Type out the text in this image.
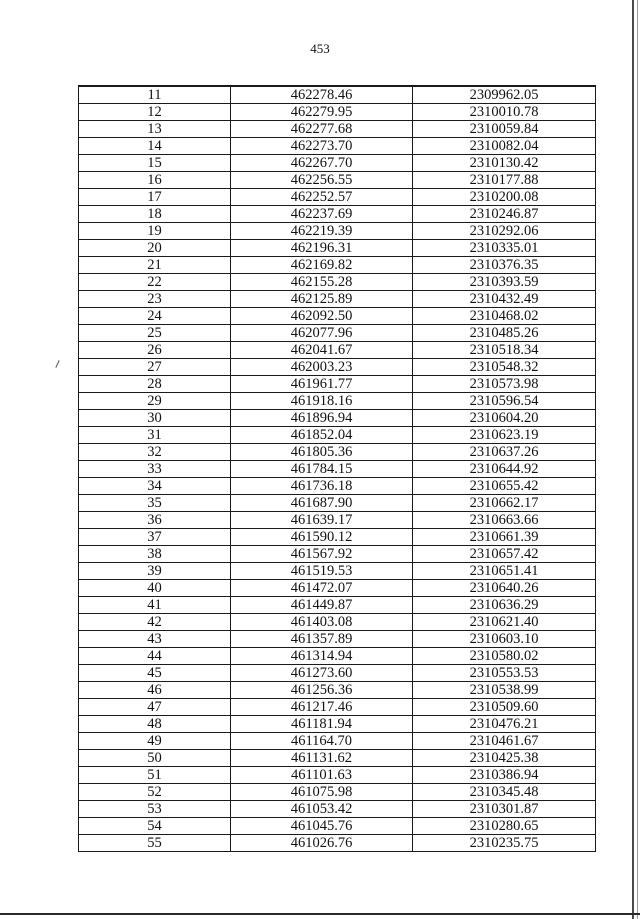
453
11	462278.46	2309962.05
12	462279.95	2310010.78
13	462277.68	2310059.84
14	462273.70	2310082.04
15	462267.70	2310130.42
16	462256.55	2310177.88
17	462252.57	2310200.08
18	462237.69	2310246.87
19	462219.39	2310292.06
20	462196.31	2310335.01
21	462169.82	2310376.35
22	462155.28	2310393.59
23	462125.89	2310432.49
24	462092.50	2310468.02
25	462077.96	2310485.26
26	462041.67	2310518.34
27	462003.23	2310548.32
28	461961.77	2310573.98
29	461918.16	2310596.54
30	461896.94	2310604.20
31	461852.04	2310623.19
32	461805.36	2310637.26
33	461784.15	2310644.92
34	461736.18	2310655.42
35	461687.90	2310662.17
36	461639.17	2310663.66
37	461590.12	2310661.39
38	461567.92	2310657.42
39	461519.53	2310651.41
40	461472.07	2310640.26
41	461449.87	2310636.29
42	461403.08	2310621.40
43	461357.89	2310603.10
44	461314.94	2310580.02
45	461273.60	2310553.53
46	461256.36	2310538.99
47	461217.46	2310509.60
48	461181.94	2310476.21
49	461164.70	2310461.67
50	461131.62	2310425.38
51	461101.63	2310386.94
52	461075.98	2310345.48
53	461053.42	2310301.87
54	461045.76	2310280.65
55	461026.76	2310235.75
